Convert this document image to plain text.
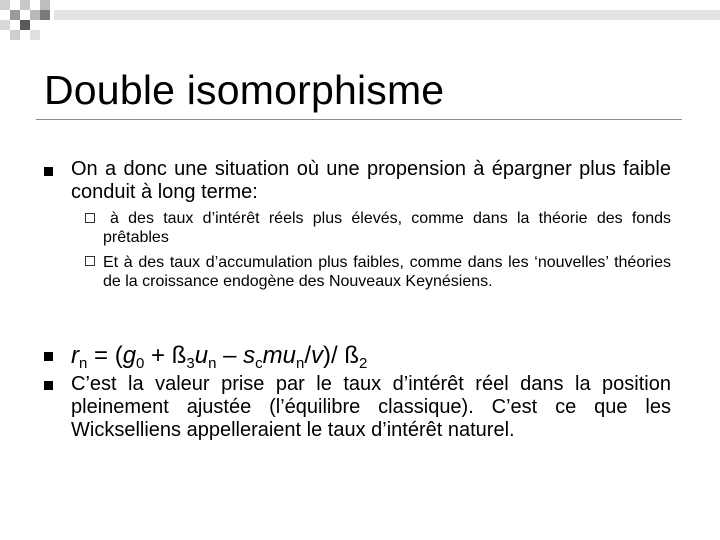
Double isomorphisme
On a donc une situation où une propension à épargner plus faible conduit à long terme:
à des taux d’intérêt réels plus élevés, comme dans la théorie des fonds prêtables
Et à des taux d’accumulation plus faibles, comme dans les ‘nouvelles’ théories de la croissance endogène des Nouveaux Keynésiens.
$r_n = (g_0$ + $ß_3u_n - s_cmu_n/v)/$ $ß_2$
C’est la valeur prise par le taux d’intérêt réel dans la position pleinement ajustée (l’équilibre classique). C’est ce que les Wickselliens appelleraient le taux d’intérêt naturel.
